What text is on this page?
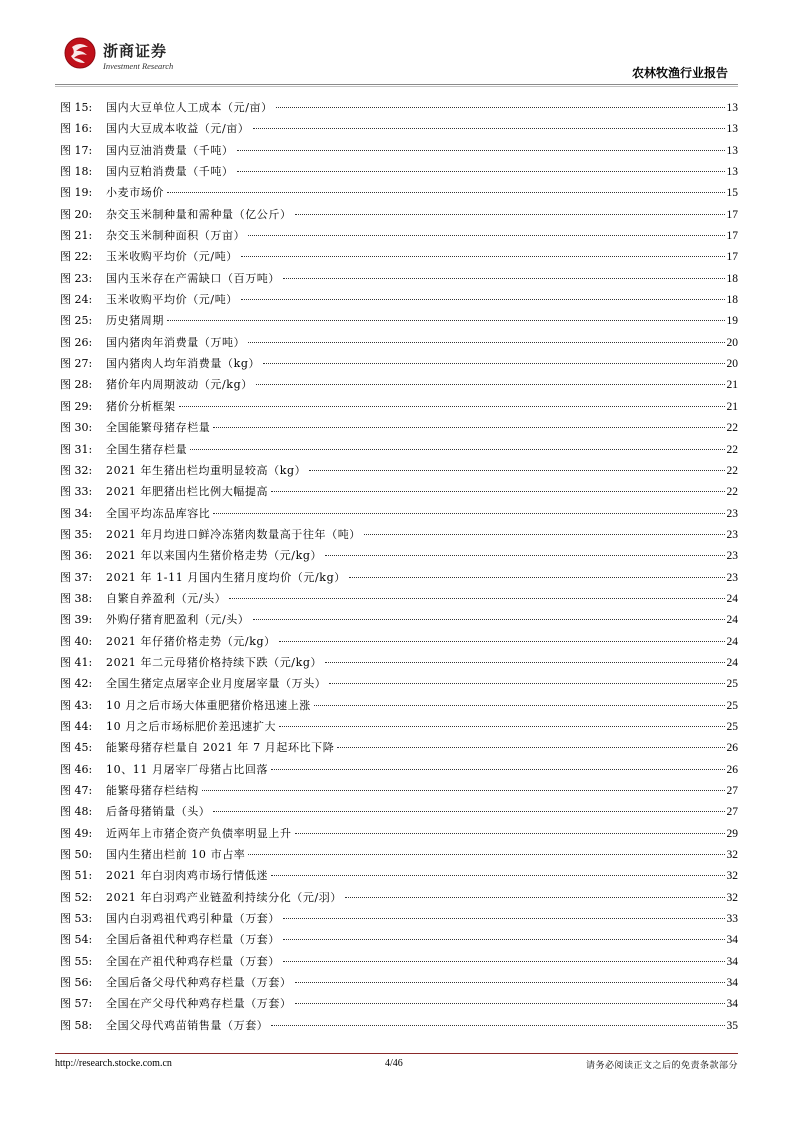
浙商证券
Investment Research	农林牧渔行业报告
图 15:	国内大豆单位人工成本（元/亩）	13
图 16:	国内大豆成本收益（元/亩）	13
图 17:	国内豆油消费量（千吨）	13
图 18:	国内豆粕消费量（千吨）	13
图 19:	小麦市场价	15
图 20:	杂交玉米制种量和需种量（亿公斤）	17
图 21:	杂交玉米制种面积（万亩）	17
图 22:	玉米收购平均价（元/吨）	17
图 23:	国内玉米存在产需缺口（百万吨）	18
图 24:	玉米收购平均价（元/吨）	18
图 25:	历史猪周期	19
图 26:	国内猪肉年消费量（万吨）	20
图 27:	国内猪肉人均年消费量（kg）	20
图 28:	猪价年内周期波动（元/kg）	21
图 29:	猪价分析框架	21
图 30:	全国能繁母猪存栏量	22
图 31:	全国生猪存栏量	22
图 32:	2021 年生猪出栏均重明显较高（kg）	22
图 33:	2021 年肥猪出栏比例大幅提高	22
图 34:	全国平均冻品库容比	23
图 35:	2021 年月均进口鲜冷冻猪肉数量高于往年（吨）	23
图 36:	2021 年以来国内生猪价格走势（元/kg）	23
图 37:	2021 年 1-11 月国内生猪月度均价（元/kg）	23
图 38:	自繁自养盈利（元/头）	24
图 39:	外购仔猪育肥盈利（元/头）	24
图 40:	2021 年仔猪价格走势（元/kg）	24
图 41:	2021 年二元母猪价格持续下跌（元/kg）	24
图 42:	全国生猪定点屠宰企业月度屠宰量（万头）	25
图 43:	10 月之后市场大体重肥猪价格迅速上涨	25
图 44:	10 月之后市场标肥价差迅速扩大	25
图 45:	能繁母猪存栏量自 2021 年 7 月起环比下降	26
图 46:	10、11 月屠宰厂母猪占比回落	26
图 47:	能繁母猪存栏结构	27
图 48:	后备母猪销量（头）	27
图 49:	近两年上市猪企资产负债率明显上升	29
图 50:	国内生猪出栏前 10 市占率	32
图 51:	2021 年白羽肉鸡市场行情低迷	32
图 52:	2021 年白羽鸡产业链盈利持续分化（元/羽）	32
图 53:	国内白羽鸡祖代鸡引种量（万套）	33
图 54:	全国后备祖代种鸡存栏量（万套）	34
图 55:	全国在产祖代种鸡存栏量（万套）	34
图 56:	全国后备父母代种鸡存栏量（万套）	34
图 57:	全国在产父母代种鸡存栏量（万套）	34
图 58:	全国父母代鸡苗销售量（万套）	35
http://research.stocke.com.cn	4/46	请务必阅读正文之后的免责条款部分
